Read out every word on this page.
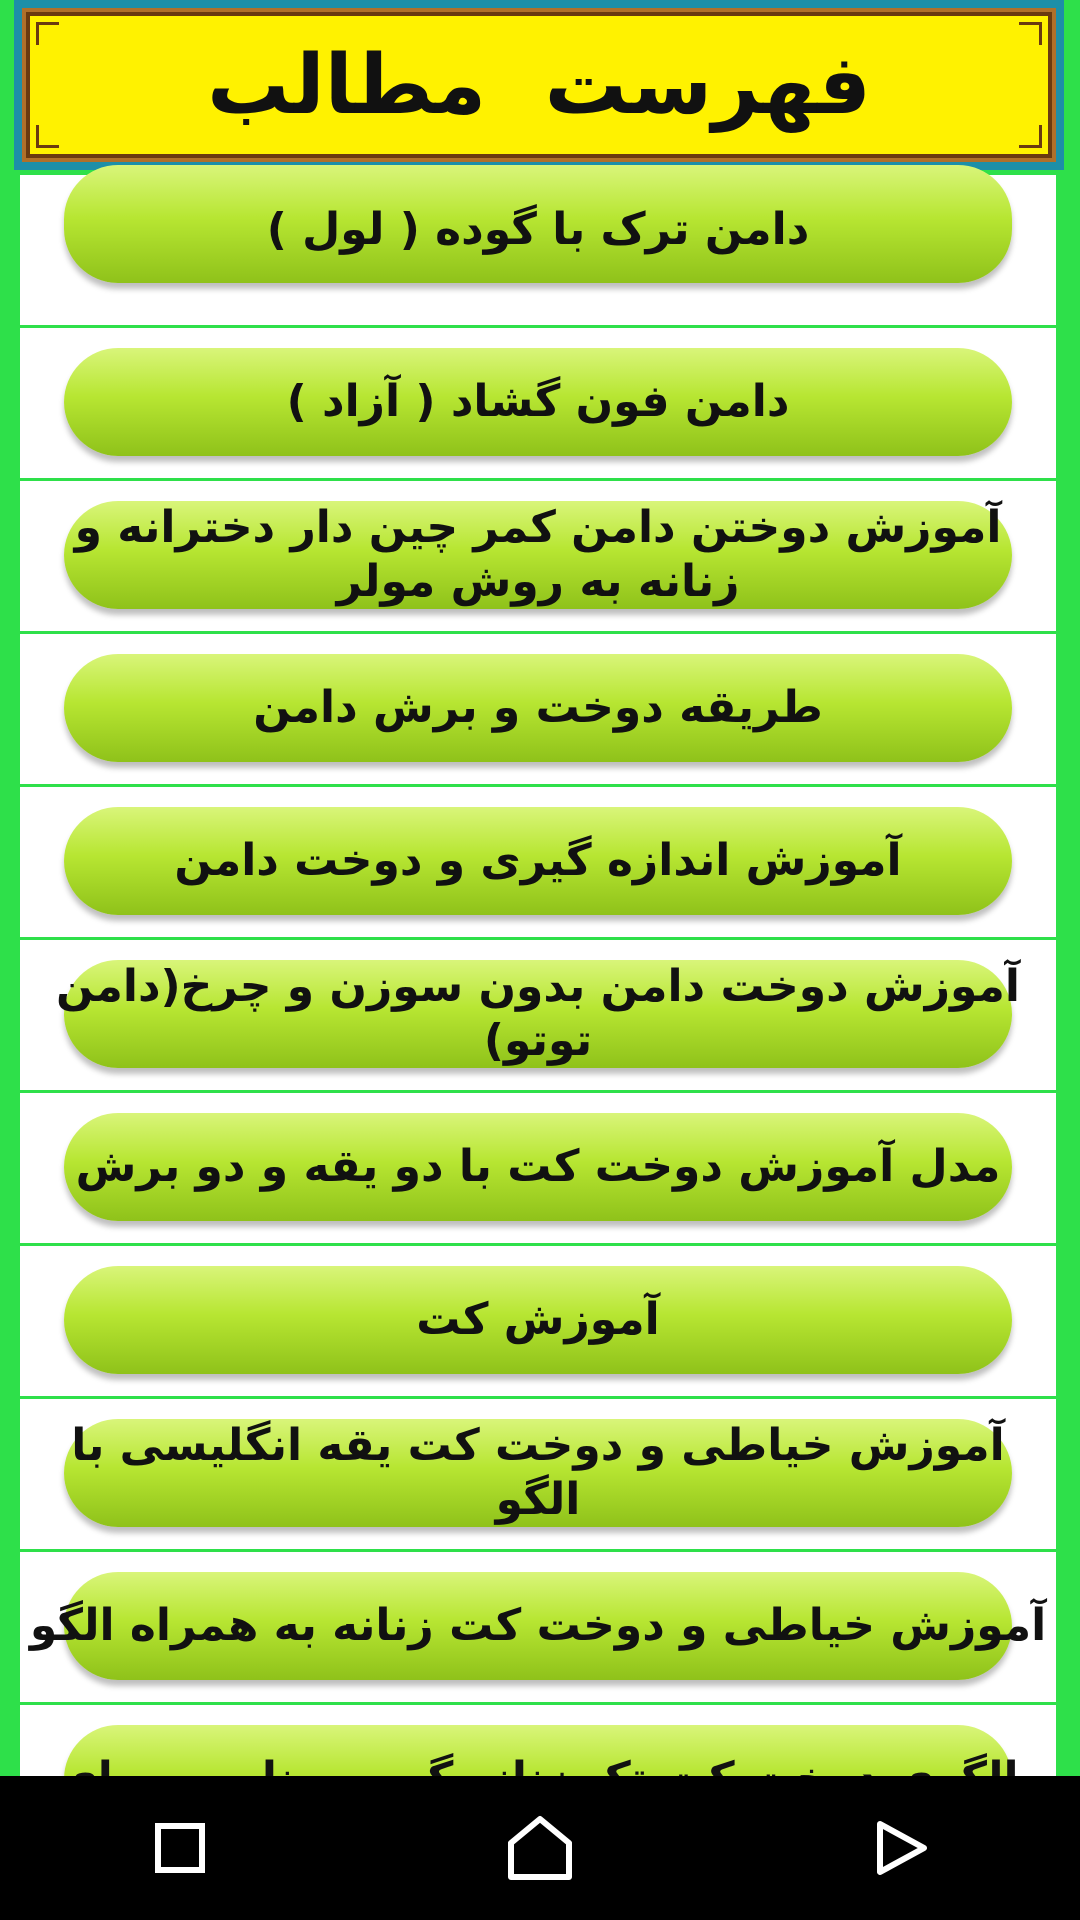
فهرست مطالب
دامن ترک با گوده ( لول )
دامن فون گشاد ( آزاد )
آموزش دوختن دامن کمر چین دار دخترانه و زنانه به روش مولر
طریقه دوخت و برش دامن
آموزش اندازه گیری و دوخت دامن
آموزش دوخت دامن بدون سوزن و چرخ(دامن توتو)
مدل آموزش دوخت کت با دو یقه و دو برش
آموزش کت
آموزش خیاطی و دوخت کت یقه انگلیسی با الگو
آموزش خیاطی و دوخت کت زنانه به همراه الگو
